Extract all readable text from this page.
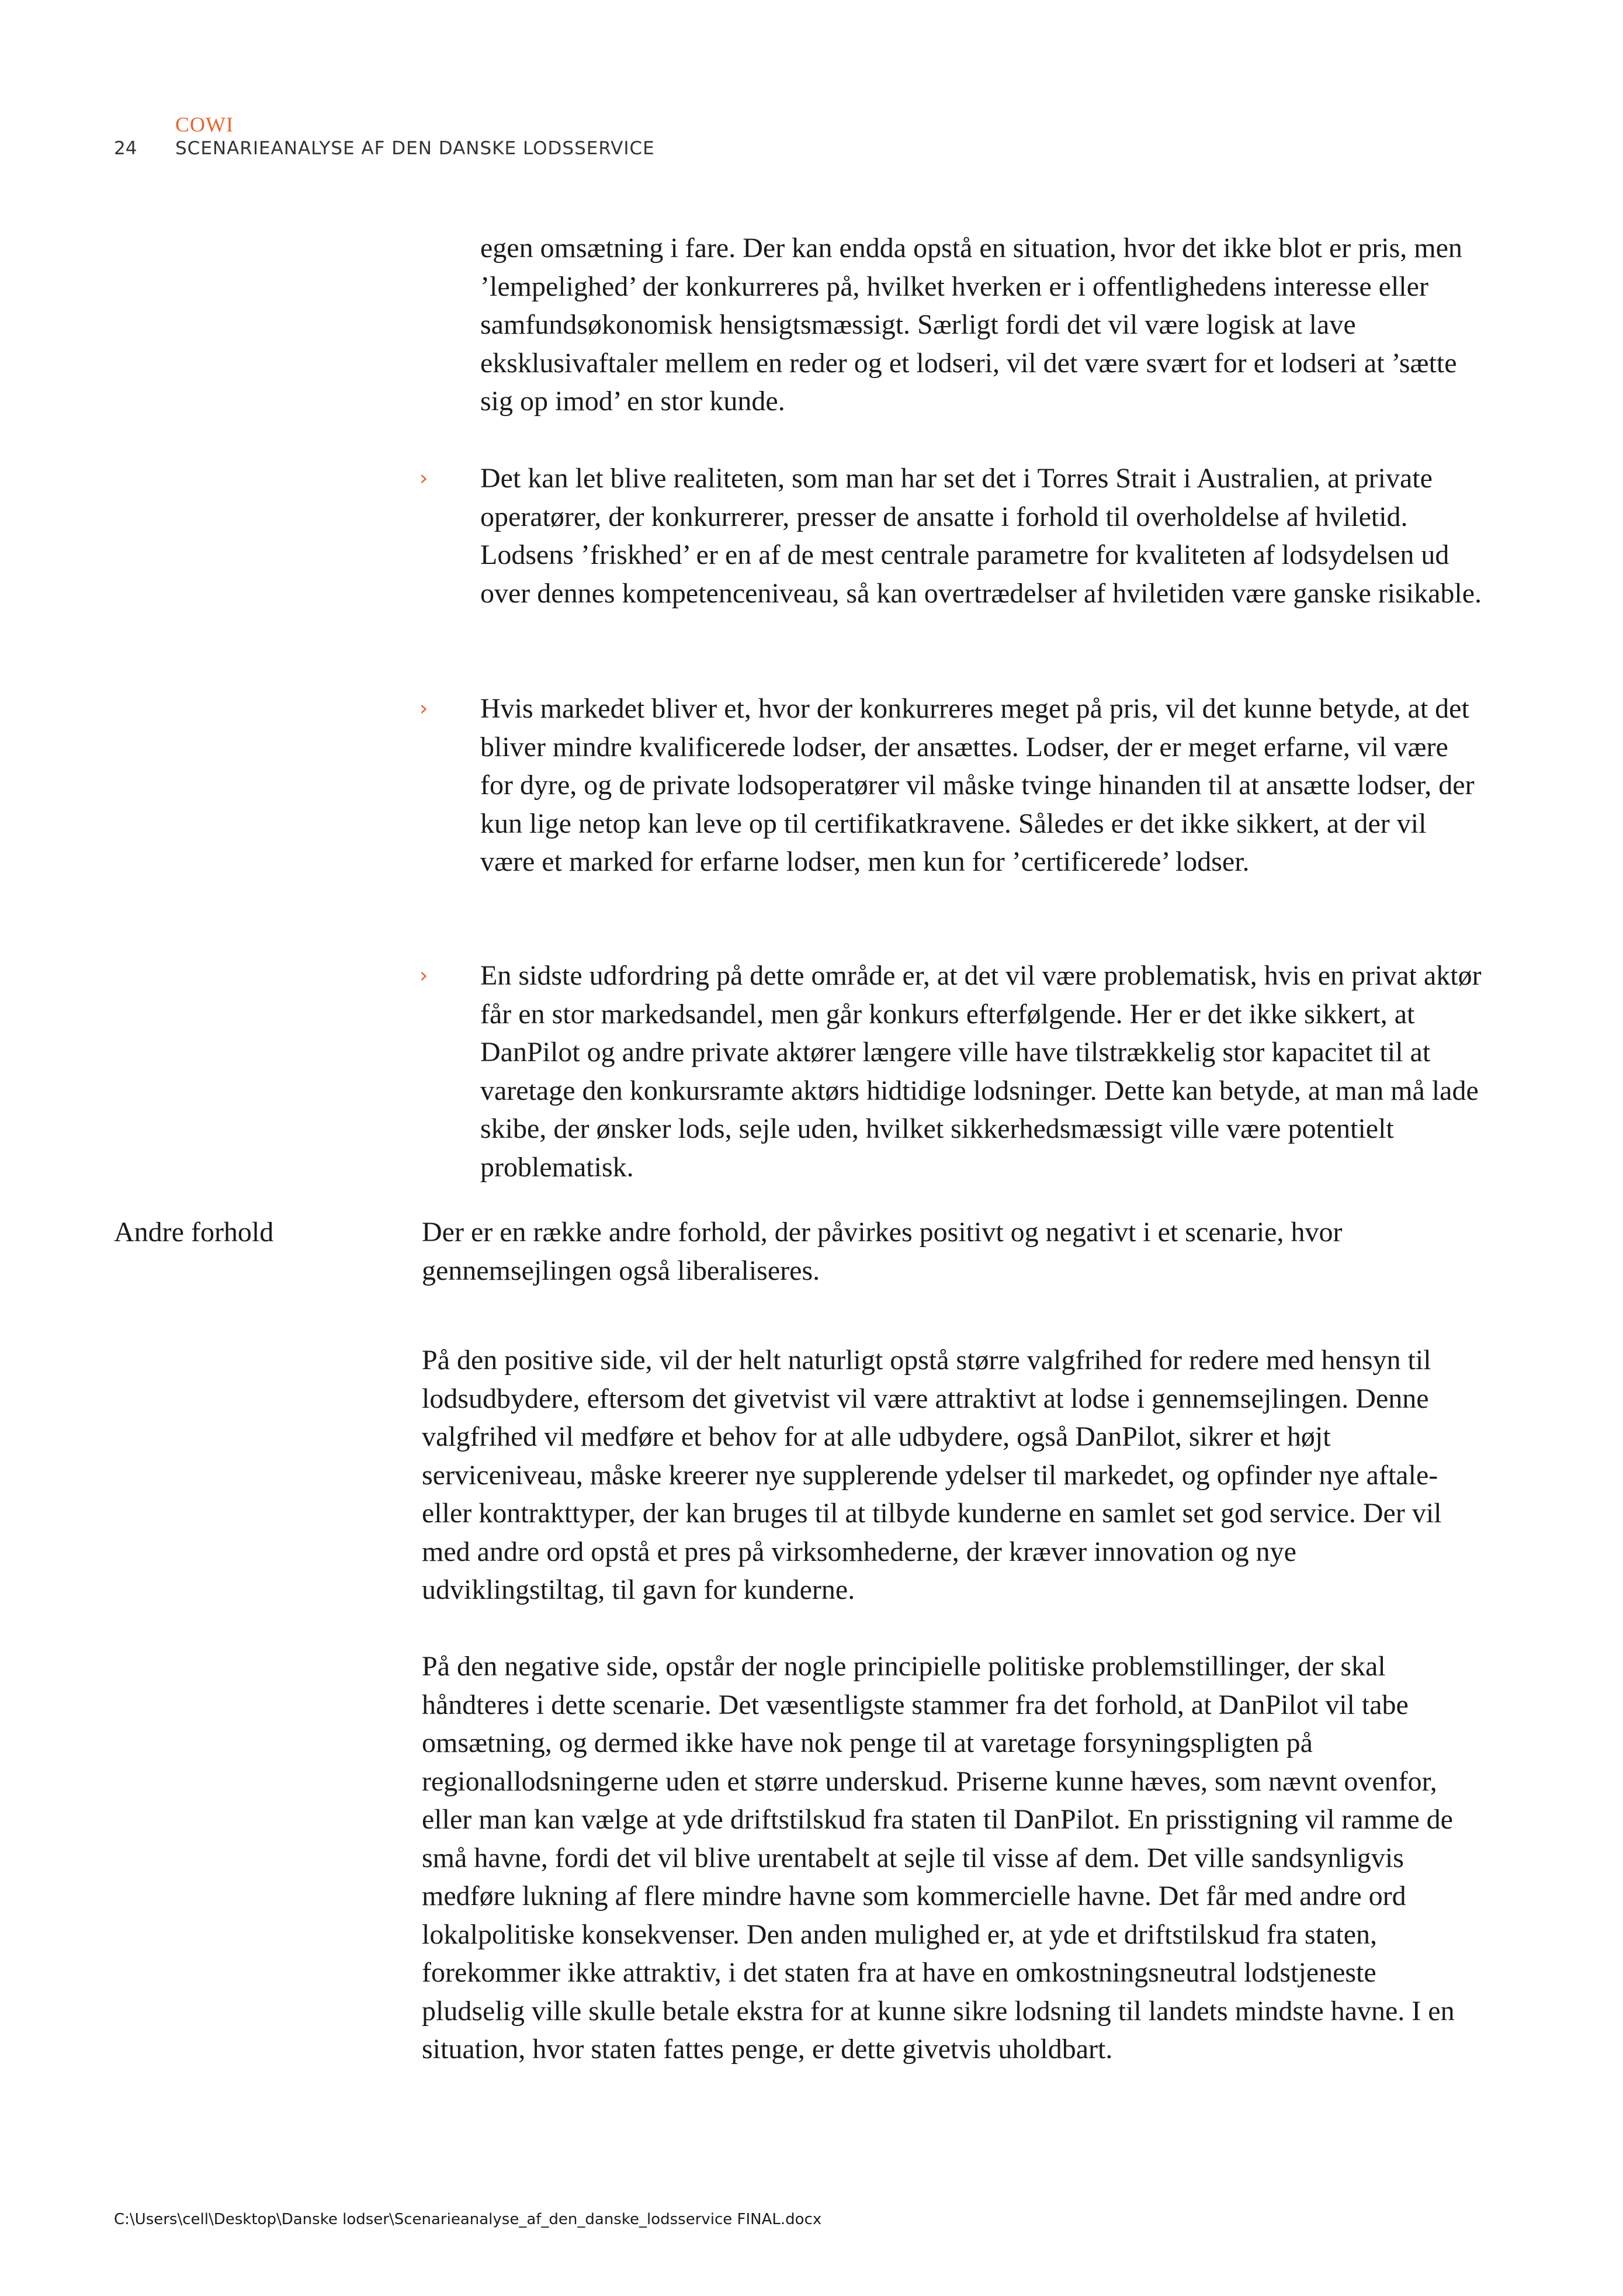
COWI
24 SCENARIEANALYSE AF DEN DANSKE LODSSERVICE

egen omsætning i fare. Der kan endda opstå en situation, hvor det ikke blot er pris, men ’lempelighed’ der konkurreres på, hvilket hverken er i offentlighedens interesse eller samfundsøkonomisk hensigtsmæssigt. Særligt fordi det vil være logisk at lave eksklusivaftaler mellem en reder og et lodseri, vil det være svært for et lodseri at ’sætte sig op imod’ en stor kunde.

› Det kan let blive realiteten, som man har set det i Torres Strait i Australien, at private operatører, der konkurrerer, presser de ansatte i forhold til overholdelse af hviletid. Lodsens ’friskhed’ er en af de mest centrale parametre for kvaliteten af lodsydelsen ud over dennes kompetenceniveau, så kan overtrædelser af hviletiden være ganske risikable.

› Hvis markedet bliver et, hvor der konkurreres meget på pris, vil det kunne betyde, at det bliver mindre kvalificerede lodser, der ansættes. Lodser, der er meget erfarne, vil være for dyre, og de private lodsoperatører vil måske tvinge hinanden til at ansætte lodser, der kun lige netop kan leve op til certifikatkravene. Således er det ikke sikkert, at der vil være et marked for erfarne lodser, men kun for ’certificerede’ lodser.

› En sidste udfordring på dette område er, at det vil være problematisk, hvis en privat aktør får en stor markedsandel, men går konkurs efterfølgende. Her er det ikke sikkert, at DanPilot og andre private aktører længere ville have tilstrækkelig stor kapacitet til at varetage den konkursramte aktørs hidtidige lodsninger. Dette kan betyde, at man må lade skibe, der ønsker lods, sejle uden, hvilket sikkerhedsmæssigt ville være potentielt problematisk.

Andre forhold	Der er en række andre forhold, der påvirkes positivt og negativt i et scenarie, hvor gennemsejlingen også liberaliseres.

På den positive side, vil der helt naturligt opstå større valgfrihed for redere med hensyn til lodsudbydere, eftersom det givetvist vil være attraktivt at lodse i gennemsejlingen. Denne valgfrihed vil medføre et behov for at alle udbydere, også DanPilot, sikrer et højt serviceniveau, måske kreerer nye supplerende ydelser til markedet, og opfinder nye aftale- eller kontrakttyper, der kan bruges til at tilbyde kunderne en samlet set god service. Der vil med andre ord opstå et pres på virksomhederne, der kræver innovation og nye udviklingstiltag, til gavn for kunderne.

På den negative side, opstår der nogle principielle politiske problemstillinger, der skal håndteres i dette scenarie. Det væsentligste stammer fra det forhold, at DanPilot vil tabe omsætning, og dermed ikke have nok penge til at varetage forsyningspligten på regionallodsningerne uden et større underskud. Priserne kunne hæves, som nævnt ovenfor, eller man kan vælge at yde driftstilskud fra staten til DanPilot. En prisstigning vil ramme de små havne, fordi det vil blive urentabelt at sejle til visse af dem. Det ville sandsynligvis medføre lukning af flere mindre havne som kommercielle havne. Det får med andre ord lokalpolitiske konsekvenser. Den anden mulighed er, at yde et driftstilskud fra staten, forekommer ikke attraktiv, i det staten fra at have en omkostningsneutral lodstjeneste pludselig ville skulle betale ekstra for at kunne sikre lodsning til landets mindste havne. I en situation, hvor staten fattes penge, er dette givetvis uholdbart.

C:\Users\cell\Desktop\Danske lodser\Scenarieanalyse_af_den_danske_lodsservice FINAL.docx
